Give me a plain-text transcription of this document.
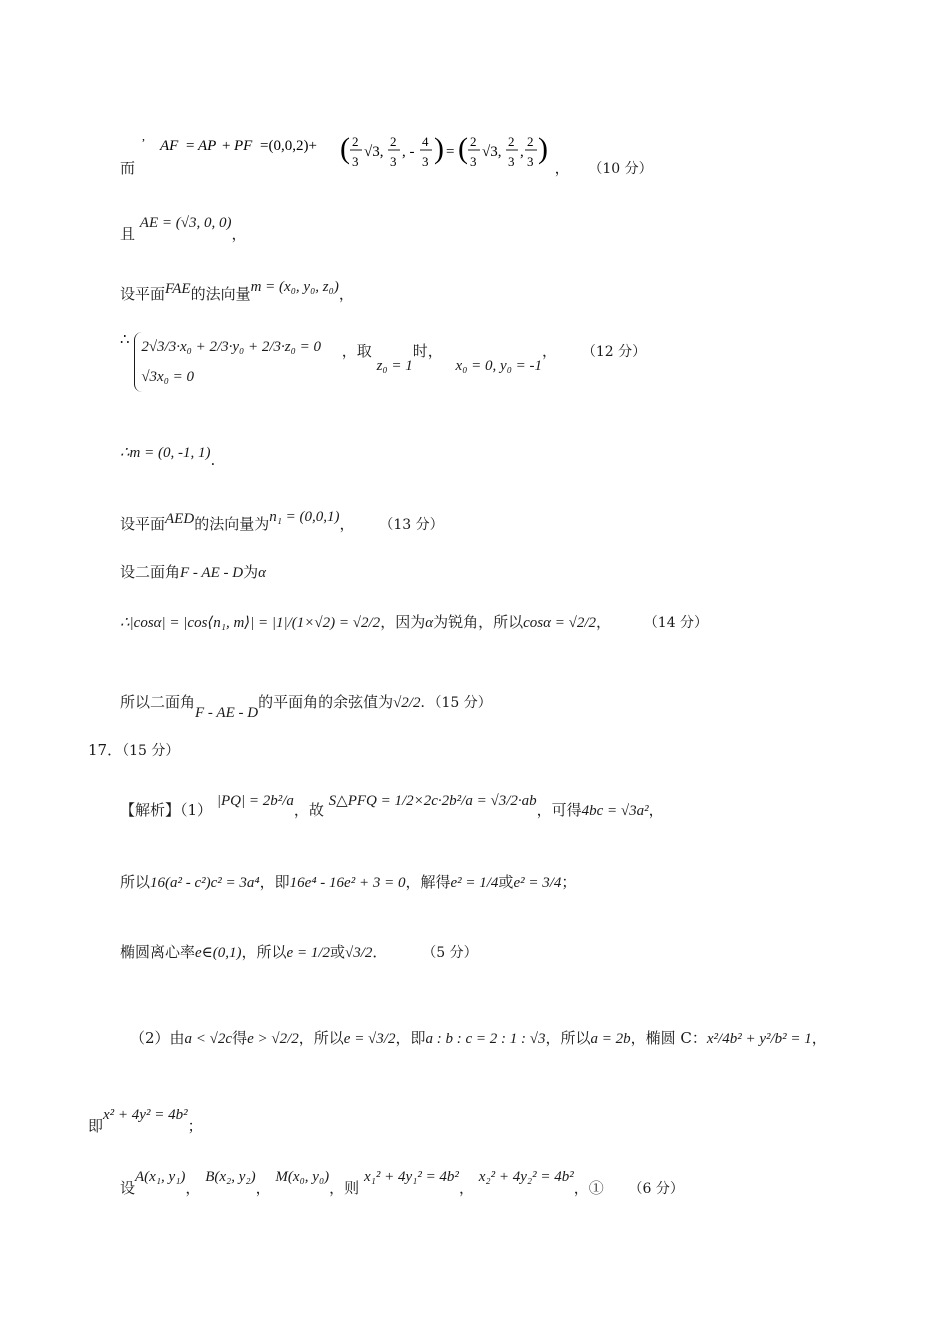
而
,
AF = AP + PF =(0,0,2)+ ( 2
3
√3,
2
3
, -
4
3 ) = ( 2
3
√3,
2
3
,
2
3 )
， （10 分）
且 AE = (√3, 0, 0)，
设平面FAE的法向量m = (x₀, y₀, z₀)，
∴ 2√3/3·x₀ + 2/3·y₀ + 2/3·z₀ = 0
√3x₀ = 0
，取 z₀ = 1时， x₀ = 0, y₀ = -1， （12 分）
∴m = (0, -1, 1).
设平面AED的法向量为n₁ = (0,0,1)， （13 分）
设二面角F - AE - D为α
∴|cosα| = |cos⟨n₁, m⟩| = |1|/(1×√2) = √2/2，因为α为锐角，所以cosα = √2/2， （14 分）
所以二面角F - AE - D的平面角的余弦值为√2/2．（15 分）
17．（15 分）
【解析】（1） |PQ| = 2b²/a，故 S△PFQ = 1/2×2c·2b²/a = √3/2·ab，可得4bc = √3a²，
所以16(a² - c²)c² = 3a⁴，即16e⁴ - 16e² + 3 = 0，解得e² = 1/4或e² = 3/4；
椭圆离心率e∈(0,1)，所以e = 1/2或√3/2． （5 分）
（2）由a < √2c得e > √2/2，所以e = √3/2，即a : b : c = 2 : 1 : √3，所以a = 2b，椭圆 C：x²/4b² + y²/b² = 1，
即x² + 4y² = 4b²；
设A(x₁, y₁)， B(x₂, y₂)， M(x₀, y₀)，则 x₁² + 4y₁² = 4b²， x₂² + 4y₂² = 4b²，① （6 分）
